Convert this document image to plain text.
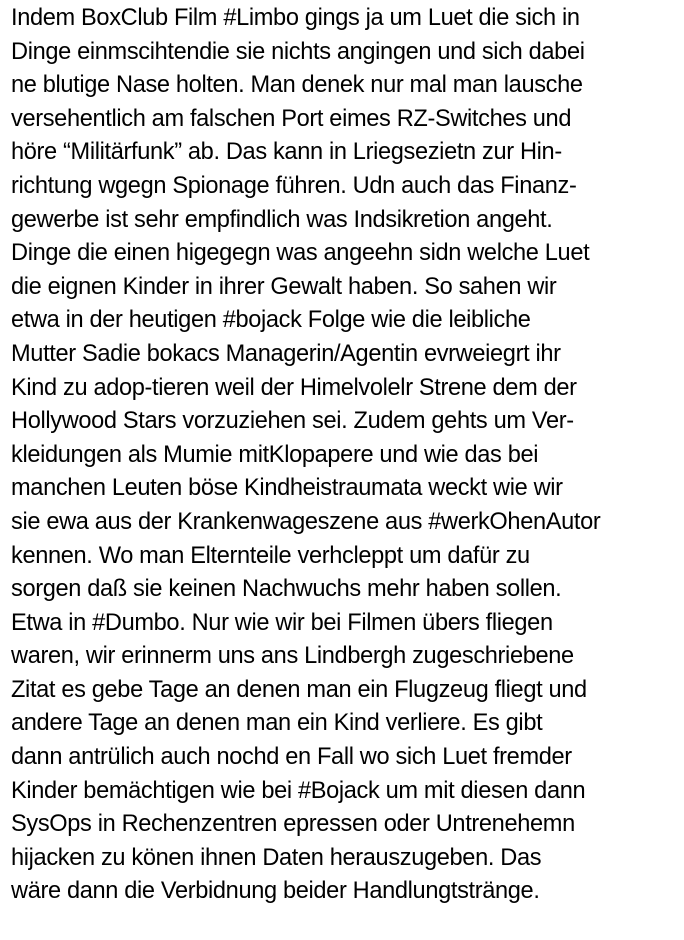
Indem BoxClub Film #Limbo gings ja um Luet die sich in
Dinge einmscihtendie sie nichts angingen und sich dabei
ne blutige Nase holten. Man denek nur mal man lausche
versehentlich am falschen Port eimes RZ-Switches und
höre “Militärfunk” ab. Das kann in Lriegsezietn zur Hin-
richtung wgegn Spionage führen. Udn auch das Finanz-
gewerbe ist sehr empfindlich was Indsikretion angeht.
Dinge die einen higegegn was angeehn sidn welche Luet
die eignen Kinder in ihrer Gewalt haben. So sahen wir
etwa in der heutigen #bojack Folge wie die leibliche
Mutter Sadie bokacs Managerin/Agentin evrweiegrt ihr
Kind zu adop-tieren weil der Himelvolelr Strene dem der
Hollywood Stars vorzuziehen sei. Zudem gehts um Ver-
kleidungen als Mumie mitKlopapere und wie das bei
manchen Leuten böse Kindheistraumata weckt wie wir
sie ewa aus der Krankenwageszene aus #werkOhenAutor
kennen. Wo man Elternteile verhcleppt um dafür zu
sorgen daß sie keinen Nachwuchs mehr haben sollen.
Etwa in #Dumbo. Nur wie wir bei Filmen übers fliegen
waren, wir erinnerm uns ans Lindbergh zugeschriebene
Zitat es gebe Tage an denen man ein Flugzeug fliegt und
andere Tage an denen man ein Kind verliere. Es gibt
dann antrülich auch nochd en Fall wo sich Luet fremder
Kinder bemächtigen wie bei #Bojack um mit diesen dann
SysOps in Rechenzentren epressen oder Untrenehemn
hijacken zu könen ihnen Daten herauszugeben. Das
wäre dann die Verbidnung beider Handlungtstränge.
